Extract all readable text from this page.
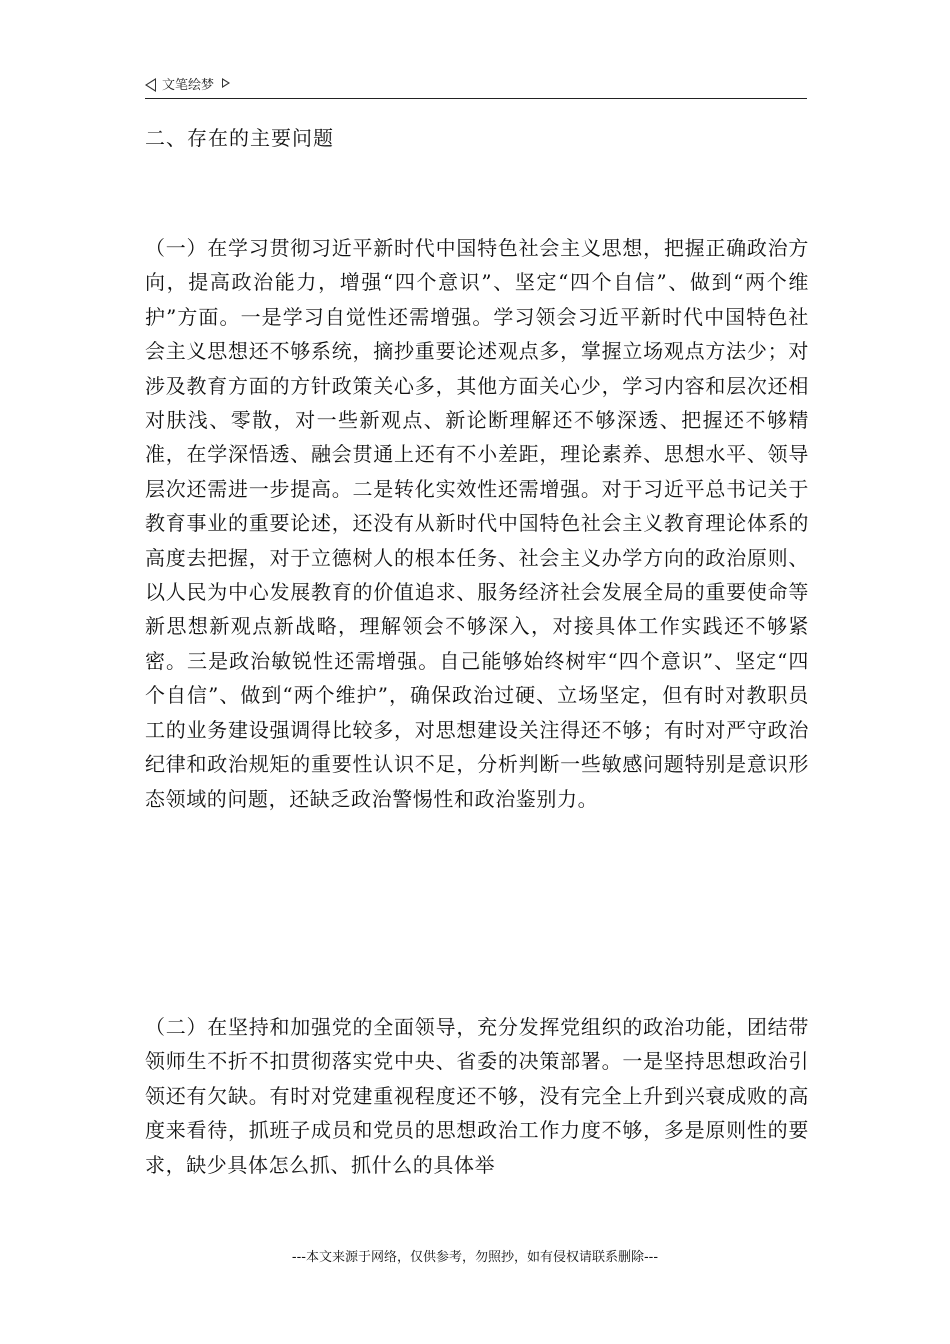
文笔绘梦
二、存在的主要问题
（一）在学习贯彻习近平新时代中国特色社会主义思想，把握正确政治方向，提高政治能力，增强“四个意识”、坚定“四个自信”、做到“两个维护”方面。一是学习自觉性还需增强。学习领会习近平新时代中国特色社会主义思想还不够系统，摘抄重要论述观点多，掌握立场观点方法少；对涉及教育方面的方针政策关心多，其他方面关心少，学习内容和层次还相对肤浅、零散，对一些新观点、新论断理解还不够深透、把握还不够精准，在学深悟透、融会贯通上还有不小差距，理论素养、思想水平、领导层次还需进一步提高。二是转化实效性还需增强。对于习近平总书记关于教育事业的重要论述，还没有从新时代中国特色社会主义教育理论体系的高度去把握，对于立德树人的根本任务、社会主义办学方向的政治原则、以人民为中心发展教育的价值追求、服务经济社会发展全局的重要使命等新思想新观点新战略，理解领会不够深入，对接具体工作实践还不够紧密。三是政治敏锐性还需增强。自己能够始终树牢“四个意识”、坚定“四个自信”、做到“两个维护”，确保政治过硬、立场坚定，但有时对教职员工的业务建设强调得比较多，对思想建设关注得还不够；有时对严守政治纪律和政治规矩的重要性认识不足，分析判断一些敏感问题特别是意识形态领域的问题，还缺乏政治警惕性和政治鉴别力。
（二）在坚持和加强党的全面领导，充分发挥党组织的政治功能，团结带领师生不折不扣贯彻落实党中央、省委的决策部署。一是坚持思想政治引领还有欠缺。有时对党建重视程度还不够，没有完全上升到兴衰成败的高度来看待，抓班子成员和党员的思想政治工作力度不够，多是原则性的要求，缺少具体怎么抓、抓什么的具体举
---本文来源于网络，仅供参考，勿照抄，如有侵权请联系删除---
